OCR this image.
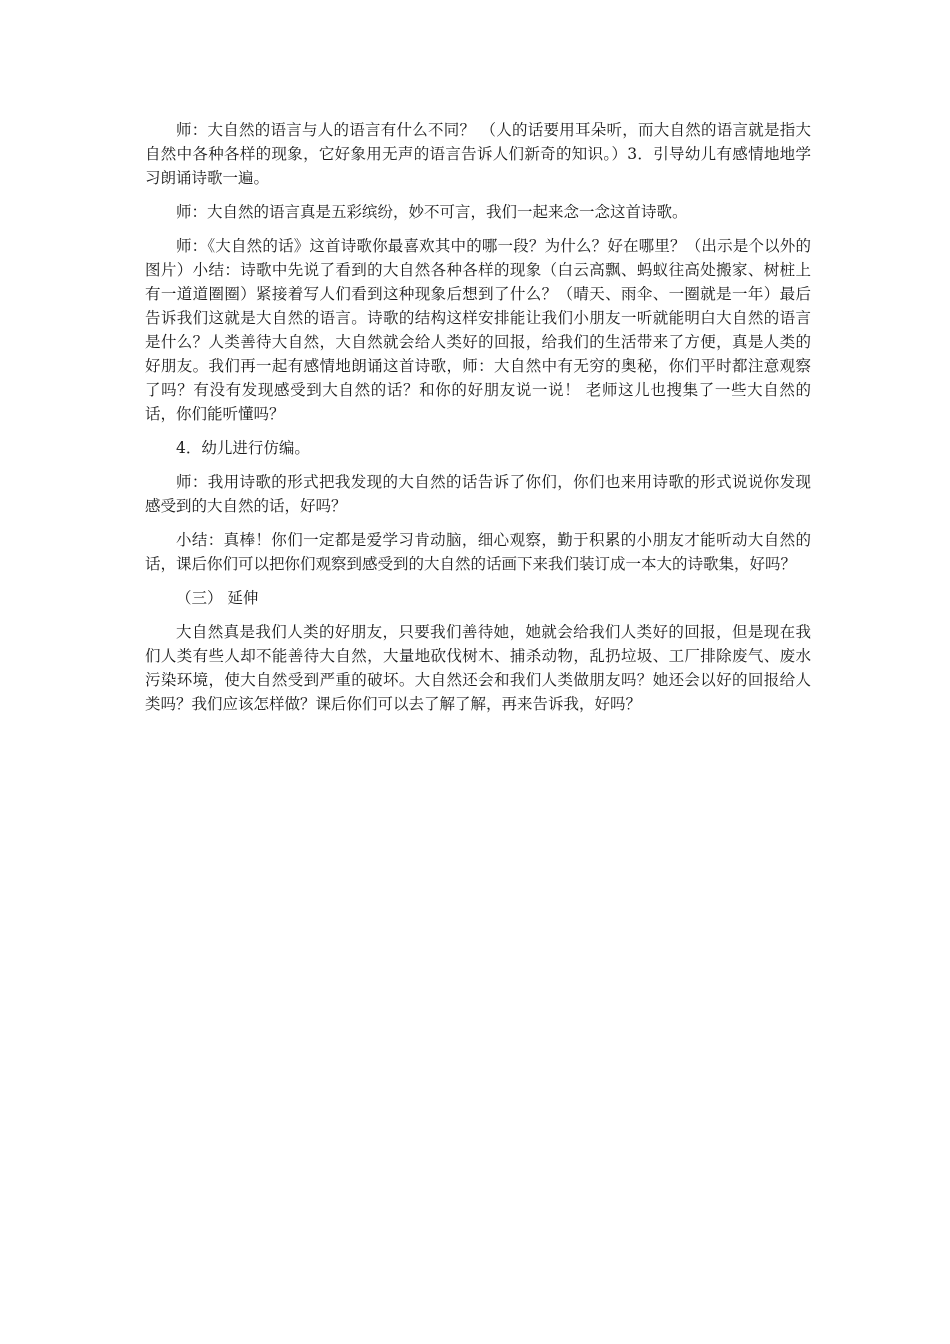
师：大自然的语言与人的语言有什么不同？ （人的话要用耳朵听，而大自然的语言就是指大自然中各种各样的现象，它好象用无声的语言告诉人们新奇的知识。）3．引导幼儿有感情地地学习朗诵诗歌一遍。

师：大自然的语言真是五彩缤纷，妙不可言，我们一起来念一念这首诗歌。

师：《大自然的话》这首诗歌你最喜欢其中的哪一段？为什么？好在哪里？（出示是个以外的图片）小结：诗歌中先说了看到的大自然各种各样的现象（白云高飘、蚂蚁往高处搬家、树桩上有一道道圈圈）紧接着写人们看到这种现象后想到了什么？（晴天、雨伞、一圈就是一年）最后告诉我们这就是大自然的语言。诗歌的结构这样安排能让我们小朋友一听就能明白大自然的语言是什么？人类善待大自然，大自然就会给人类好的回报，给我们的生活带来了方便，真是人类的好朋友。我们再一起有感情地朗诵这首诗歌，师：大自然中有无穷的奥秘，你们平时都注意观察了吗？有没有发现感受到大自然的话？和你的好朋友说一说！ 老师这儿也搜集了一些大自然的话，你们能听懂吗？

4．幼儿进行仿编。

师：我用诗歌的形式把我发现的大自然的话告诉了你们，你们也来用诗歌的形式说说你发现感受到的大自然的话，好吗？

小结：真棒！你们一定都是爱学习肯动脑，细心观察，勤于积累的小朋友才能听动大自然的话，课后你们可以把你们观察到感受到的大自然的话画下来我们装订成一本大的诗歌集，好吗？

（三） 延伸

大自然真是我们人类的好朋友，只要我们善待她，她就会给我们人类好的回报，但是现在我们人类有些人却不能善待大自然，大量地砍伐树木、捕杀动物，乱扔垃圾、工厂排除废气、废水污染环境，使大自然受到严重的破坏。大自然还会和我们人类做朋友吗？她还会以好的回报给人类吗？我们应该怎样做？课后你们可以去了解了解，再来告诉我，好吗？
